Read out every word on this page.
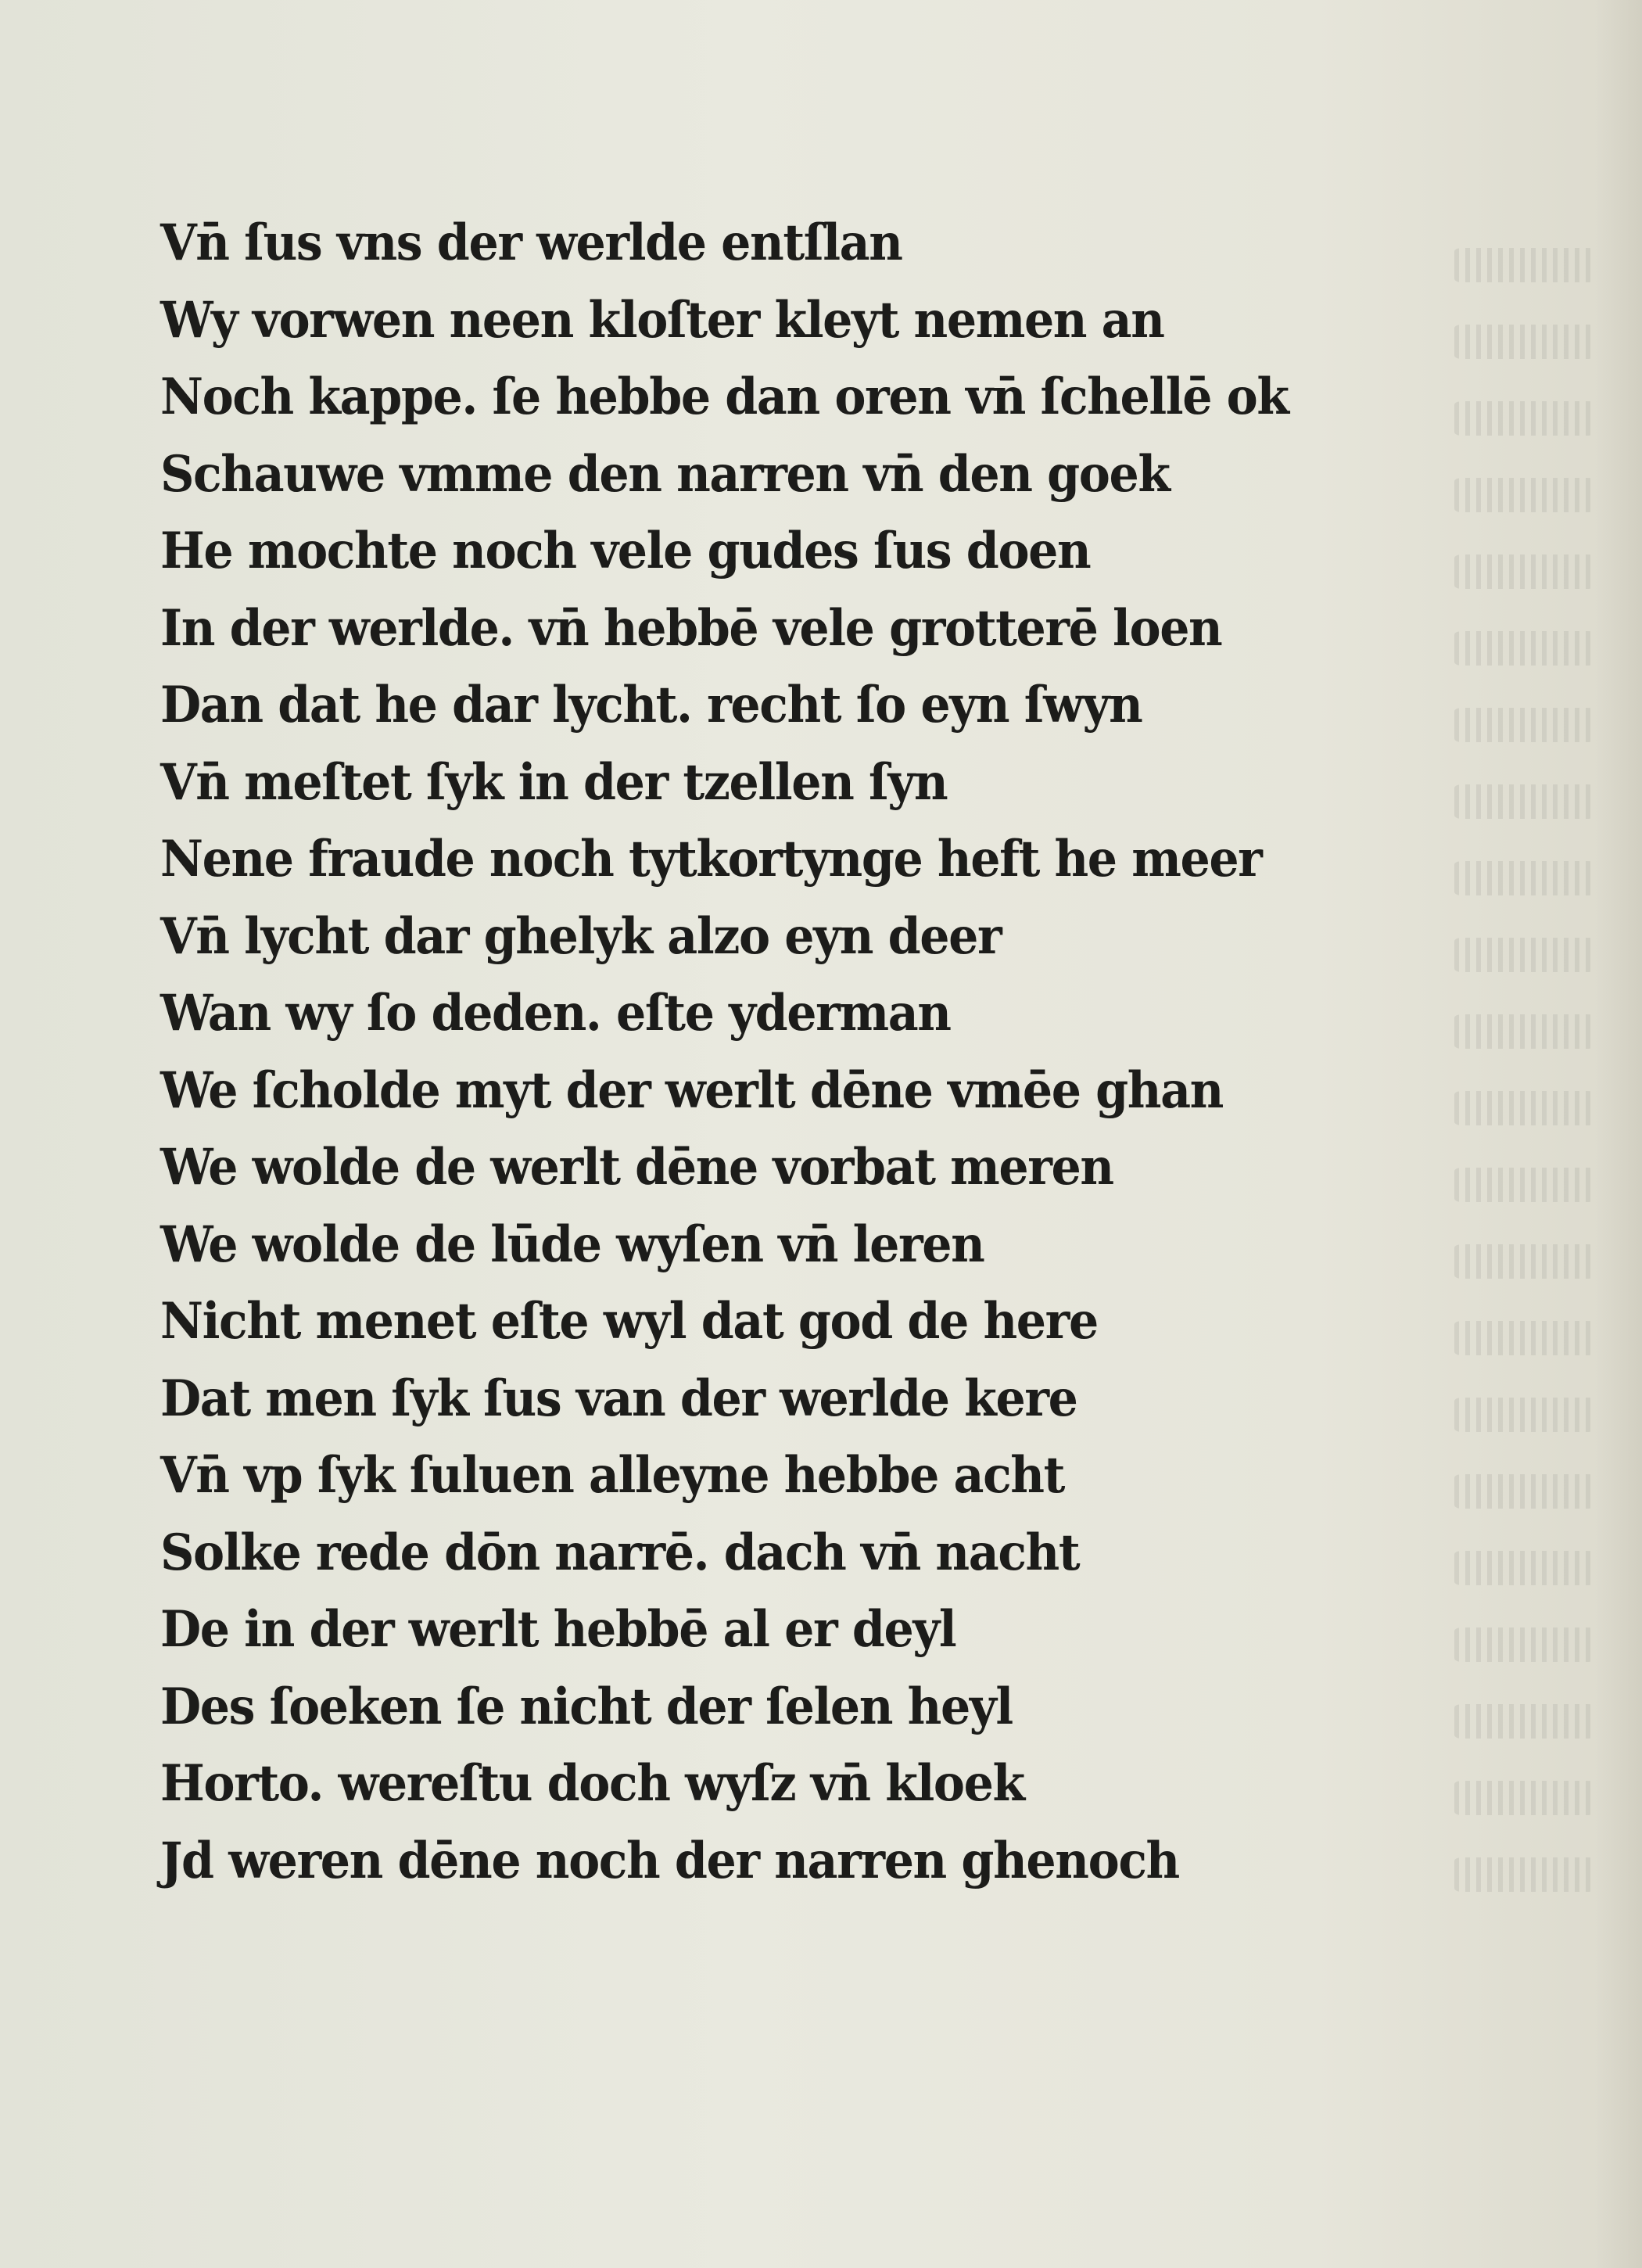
Vn̄ ſus vns der werlde entſlan
Wy vorwen neen kloſter kleyt nemen an
Noch kappe. ſe hebbe dan oren vn̄ ſchellē ok
Schauwe vmme den narren vn̄ den goek
He mochte noch vele gudes ſus doen
In der werlde. vn̄ hebbē vele grotterē loen
Dan dat he dar lycht. recht ſo eyn ſwyn
Vn̄ meſtet ſyk in der tzellen ſyn
Nene fraude noch tytkortynge heft he meer
Vn̄ lycht dar ghelyk alzo eyn deer
Wan wy ſo deden. eſte yderman
We ſcholde myt der werlt dēne vmēe ghan
We wolde de werlt dēne vorbat meren
We wolde de lūde wyſen vn̄ leren
Nicht menet eſte wyl dat god de here
Dat men ſyk ſus van der werlde kere
Vn̄ vp ſyk ſuluen alleyne hebbe acht
Solke rede dōn narrē. dach vn̄ nacht
De in der werlt hebbē al er deyl
Des ſoeken ſe nicht der ſelen heyl
Horto. wereſtu doch wyſz vn̄ kloek
Jd weren dēne noch der narren ghenoch
